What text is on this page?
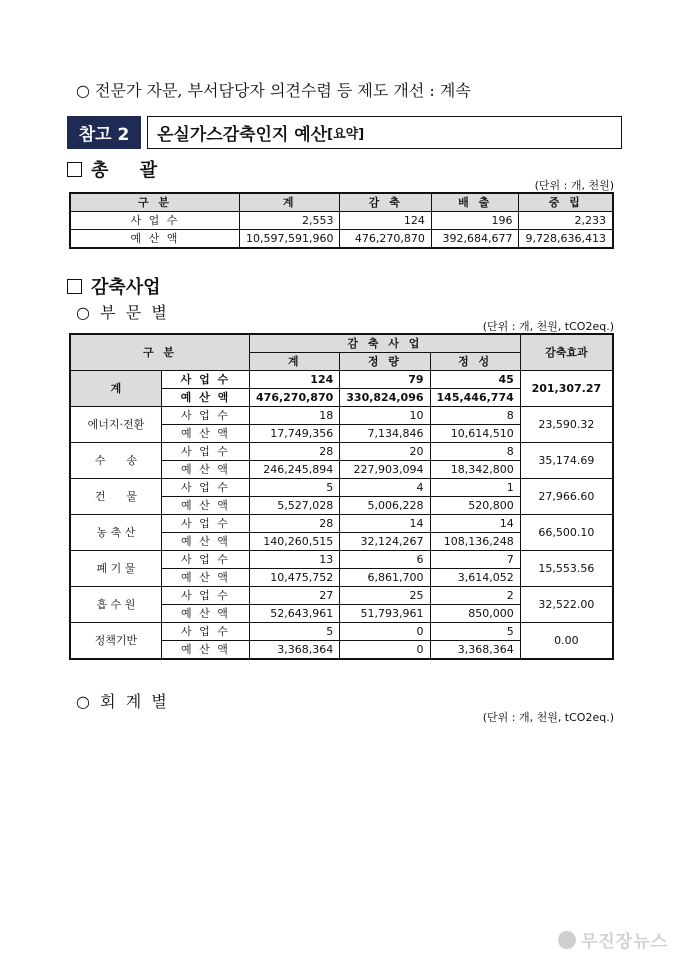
○ 전문가 자문, 부서담당자 의견수렴 등 제도 개선 : 계속
참고 2	온실가스감축인지 예산 [요약]
총     괄
(단위 : 개, 천원)
구 분	계	감 축	배 출	중 립
사 업 수	2,553	124	196	2,233
예 산 액	10,597,591,960	476,270,870	392,684,677	9,728,636,413
감축사업
○  부  문  별
(단위 : 개, 천원, tCO2eq.)
구 분		감 축 사 업			감축효과
		계	정 량	정 성	
계	사 업 수	124	79	45	201,307.27
	예 산 액	476,270,870	330,824,096	145,446,774	
에너지·전환	사 업 수	18	10	8	23,590.32
	예 산 액	17,749,356	7,134,846	10,614,510	
수      송	사 업 수	28	20	8	35,174.69
	예 산 액	246,245,894	227,903,094	18,342,800	
건      물	사 업 수	5	4	1	27,966.60
	예 산 액	5,527,028	5,006,228	520,800	
농 축 산	사 업 수	28	14	14	66,500.10
	예 산 액	140,260,515	32,124,267	108,136,248	
폐 기 물	사 업 수	13	6	7	15,553.56
	예 산 액	10,475,752	6,861,700	3,614,052	
흡 수 원	사 업 수	27	25	2	32,522.00
	예 산 액	52,643,961	51,793,961	850,000	
정책기반	사 업 수	5	0	5	0.00
	예 산 액	3,368,364	0	3,368,364	
○  회  계  별
(단위 : 개, 천원, tCO2eq.)
무진장뉴스
